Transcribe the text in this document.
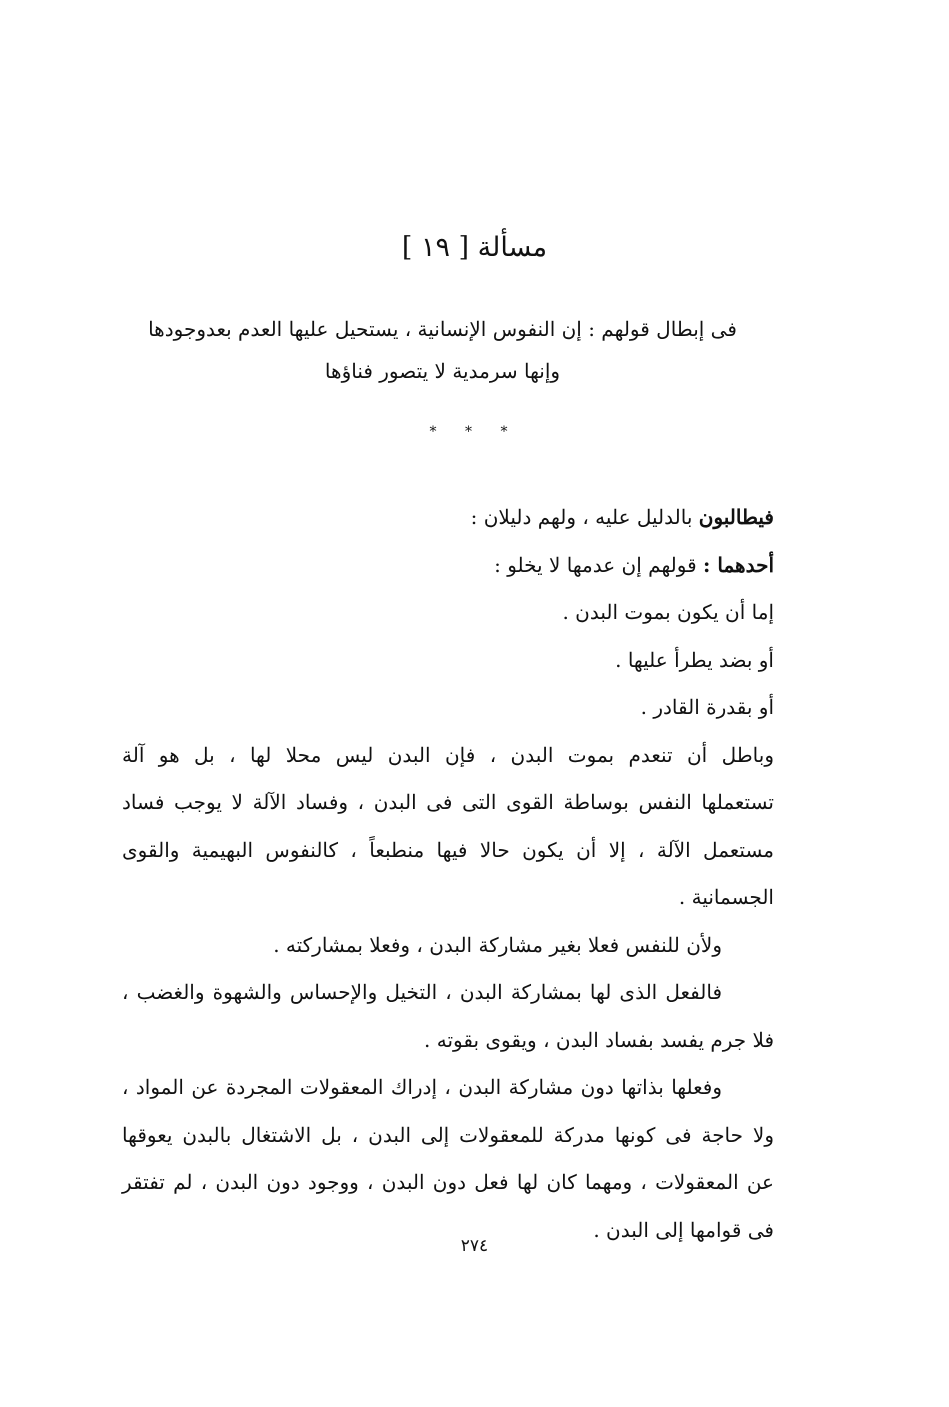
مسألة [ ١٩ ]
فى إبطال قولهم : إن النفوس الإنسانية ، يستحيل عليها العدم بعدوجودها
وإنها سرمدية لا يتصور فناؤها
* * *
فيطالبون بالدليل عليه ، ولهم دليلان :
أحدهما : قولهم إن عدمها لا يخلو :
إما أن يكون بموت البدن .
أو بضد يطرأ عليها .
أو بقدرة القادر .
وباطل أن تنعدم بموت البدن ، فإن البدن ليس محلا لها ، بل هو آلة
تستعملها النفس بوساطة القوى التى فى البدن ، وفساد الآلة لا يوجب فساد
مستعمل الآلة ، إلا أن يكون حالا فيها منطبعاً ، كالنفوس البهيمية والقوى
الجسمانية .
ولأن للنفس فعلا بغير مشاركة البدن ، وفعلا بمشاركته .
فالفعل الذى لها بمشاركة البدن ، التخيل والإحساس والشهوة والغضب ،
فلا جرم يفسد بفساد البدن ، ويقوى بقوته .
وفعلها بذاتها دون مشاركة البدن ، إدراك المعقولات المجردة عن المواد ،
ولا حاجة فى كونها مدركة للمعقولات إلى البدن ، بل الاشتغال بالبدن يعوقها
عن المعقولات ، ومهما كان لها فعل دون البدن ، ووجود دون البدن ، لم تفتقر
فى قوامها إلى البدن .
٢٧٤
